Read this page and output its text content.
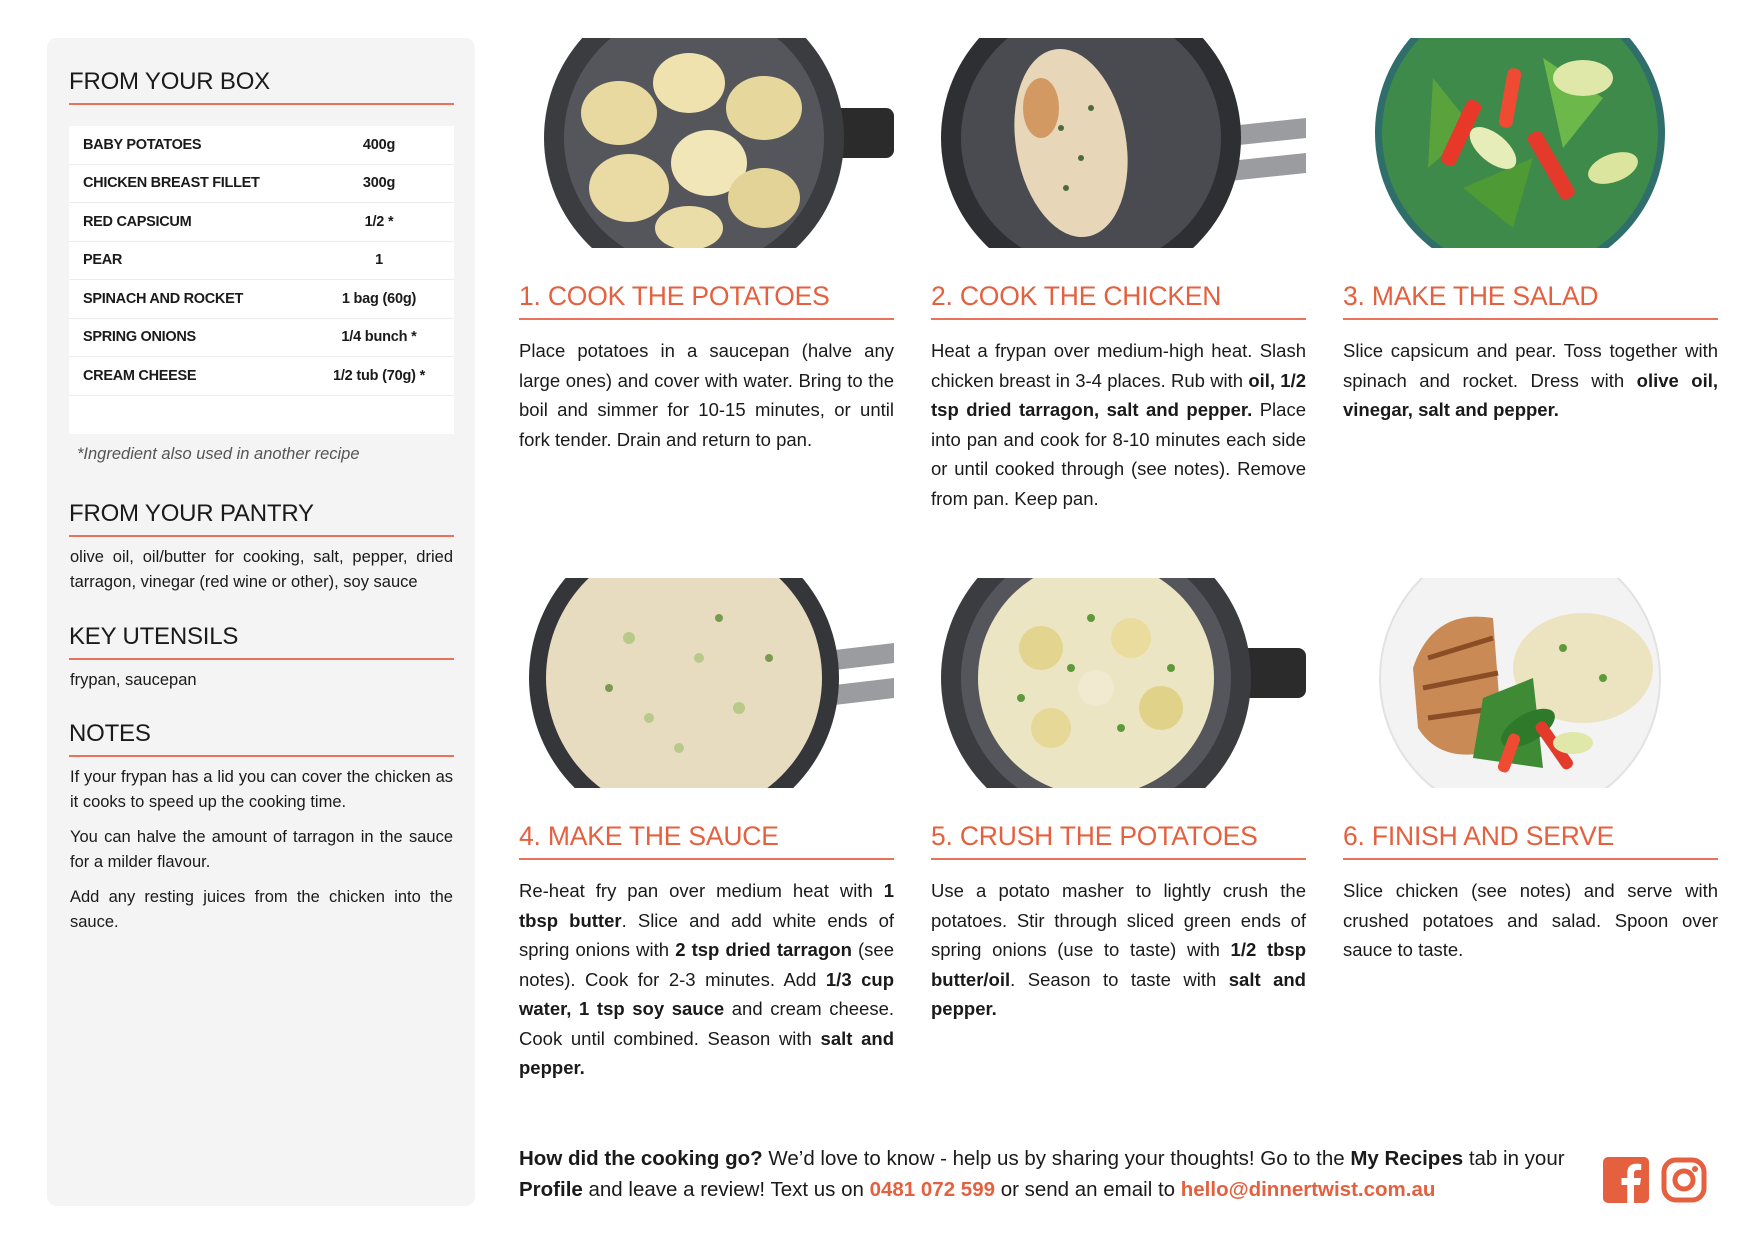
FROM YOUR BOX
BABY POTATOES	400g
CHICKEN BREAST FILLET	300g
RED CAPSICUM	1/2 *
PEAR	1
SPINACH AND ROCKET	1 bag (60g)
SPRING ONIONS	1/4 bunch *
CREAM CHEESE	1/2 tub (70g) *
*Ingredient also used in another recipe
FROM YOUR PANTRY
olive oil, oil/butter for cooking, salt, pepper, dried tarragon, vinegar (red wine or other), soy sauce
KEY UTENSILS
frypan, saucepan
NOTES

If your frypan has a lid you can cover the chicken as it cooks to speed up the cooking time.

You can halve the amount of tarragon in the sauce for a milder flavour.

Add any resting juices from the chicken into the sauce.

1. COOK THE POTATOES
Place potatoes in a saucepan (halve any large ones) and cover with water. Bring to the boil and simmer for 10-15 minutes, or until fork tender. Drain and return to pan.
2. COOK THE CHICKEN
Heat a frypan over medium-high heat. Slash chicken breast in 3-4 places. Rub with oil, 1/2 tsp dried tarragon, salt and pepper. Place into pan and cook for 8-10 minutes each side or until cooked through (see notes). Remove from pan. Keep pan.
3. MAKE THE SALAD
Slice capsicum and pear. Toss together with spinach and rocket. Dress with olive oil, vinegar, salt and pepper.
4. MAKE THE SAUCE
Re-heat fry pan over medium heat with 1 tbsp butter. Slice and add white ends of spring onions with 2 tsp dried tarragon (see notes). Cook for 2-3 minutes. Add 1/3 cup water, 1 tsp soy sauce and cream cheese. Cook until combined. Season with salt and pepper.
5. CRUSH THE POTATOES
Use a potato masher to lightly crush the potatoes. Stir through sliced green ends of spring onions (use to taste) with 1/2 tbsp butter/oil. Season to taste with salt and pepper.
6. FINISH AND SERVE
Slice chicken (see notes) and serve with crushed potatoes and salad. Spoon over sauce to taste.
How did the cooking go? We’d love to know - help us by sharing your thoughts! Go to the My Recipes tab in your Profile and leave a review! Text us on 0481 072 599 or send an email to hello@dinnertwist.com.au
